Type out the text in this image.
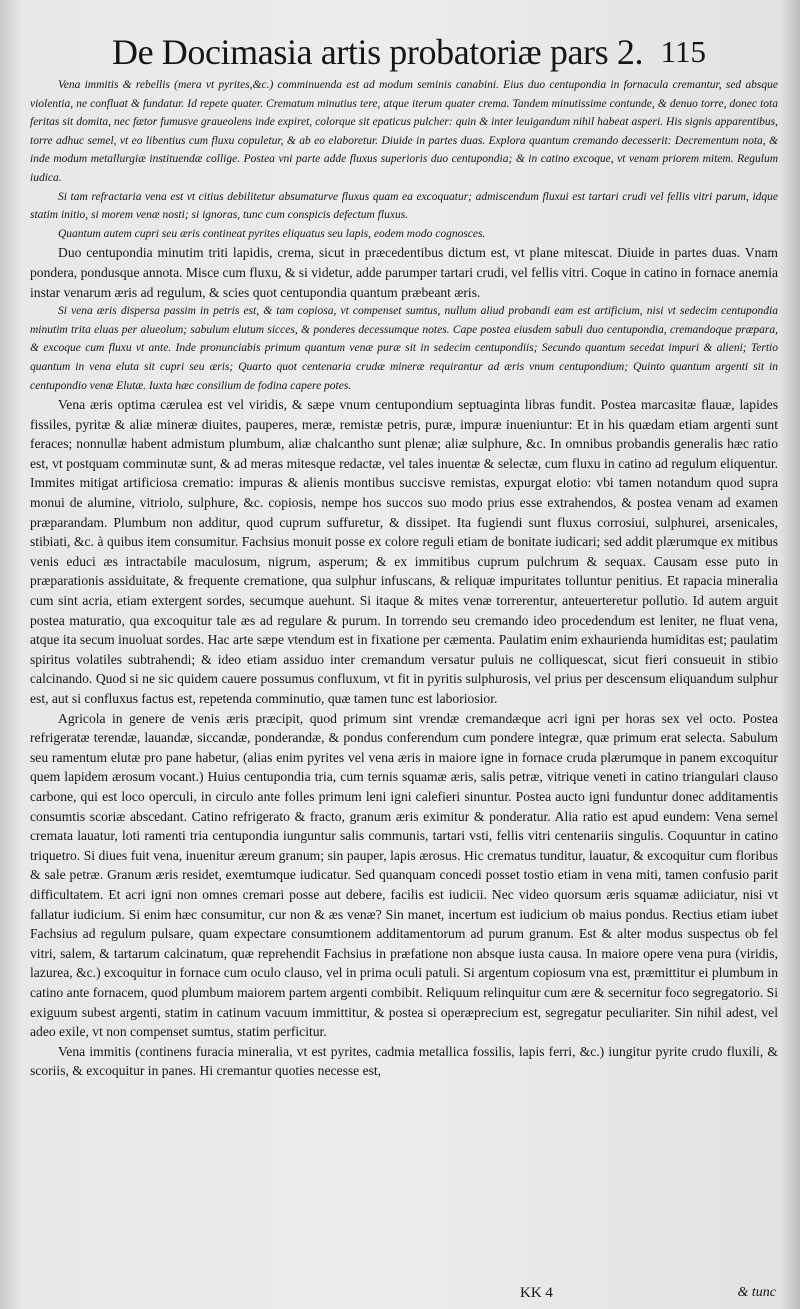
De Docimasia artis probatoriæ pars 2. 115

Vena immitis & rebellis (mera vt pyrites,&c.) comminuenda est ad modum seminis canabini. Eius duo centupondia in fornacula cremantur, sed absque violentia, ne confluat & fundatur. Id repete quater. Crematum minutius tere, atque iterum quater crema. Tandem minutissime contunde, & denuo torre, donec tota feritas sit domita, nec fætor fumusve graueolens inde expiret, colorque sit epaticus pulcher: quin & inter leuigandum nihil habeat asperi. His signis apparentibus, torre adhuc semel, vt eo libentius cum fluxu copuletur, & ab eo elaboretur. Diuide in partes duas. Explora quantum cremando decesserit: Decrementum nota, & inde modum metallurgiæ instituendæ collige. Postea vni parte adde fluxus superioris duo centupondia; & in catino excoque, vt venam priorem mitem. Regulum iudica.

Si tam refractaria vena est vt citius debilitetur absumaturve fluxus quam ea excoquatur; admiscendum fluxui est tartari crudi vel fellis vitri parum, idque statim initio, si morem venæ nosti; si ignoras, tunc cum conspicis defectum fluxus.

Quantum autem cupri seu æris contineat pyrites eliquatus seu lapis, eodem modo cognosces.

Duo centupondia minutim triti lapidis, crema, sicut in præcedentibus dictum est, vt plane mitescat. Diuide in partes duas. Vnam pondera, pondusque annota. Misce cum fluxu, & si videtur, adde parumper tartari crudi, vel fellis vitri. Coque in catino in fornace anemia instar venarum æris ad regulum, & scies quot centupondia quantum præbeant æris.

Si vena æris dispersa passim in petris est, & tam copiosa, vt compenset sumtus, nullum aliud probandi eam est artificium, nisi vt sedecim centupondia minutim trita eluas per alueolum; sabulum elutum sicces, & ponderes decessumque notes. Cape postea eiusdem sabuli duo centupondia, cremandoque præpara, & excoque cum fluxu vt ante. Inde pronunciabis primum quantum venæ puræ sit in sedecim centupondiis; Secundo quantum secedat impuri & alieni; Tertio quantum in vena eluta sit cupri seu æris; Quarto quot centenaria crudæ mineræ requirantur ad æris vnum centupondium; Quinto quantum argenti sit in centupondio venæ Elutæ. Iuxta hæc consilium de fodina capere potes.

Vena æris optima cærulea est vel viridis, & sæpe vnum centupondium septuaginta libras fundit. Postea marcasitæ flauæ, lapides fissiles, pyritæ & aliæ mineræ diuites, pauperes, meræ, remistæ petris, puræ, impuræ inueniuntur: Et in his quædam etiam argenti sunt feraces; nonnullæ habent admistum plumbum, aliæ chalcantho sunt plenæ; aliæ sulphure, &c. In omnibus probandis generalis hæc ratio est, vt postquam comminutæ sunt, & ad meras mitesque redactæ, vel tales inuentæ & selectæ, cum fluxu in catino ad regulum eliquentur. Immites mitigat artificiosa crematio: impuras & alienis montibus succisve remistas, expurgat elotio: vbi tamen notandum quod supra monui de alumine, vitriolo, sulphure, &c. copiosis, nempe hos succos suo modo prius esse extrahendos, & postea venam ad examen præparandam. Plumbum non additur, quod cuprum suffuretur, & dissipet. Ita fugiendi sunt fluxus corrosiui, sulphurei, arsenicales, stibiati, &c. à quibus item consumitur. Fachsius monuit posse ex colore reguli etiam de bonitate iudicari; sed addit plærumque ex mitibus venis educi æs intractabile maculosum, nigrum, asperum; & ex immitibus cuprum pulchrum & sequax. Causam esse puto in præparationis assiduitate, & frequente crematione, qua sulphur infuscans, & reliquæ impuritates tolluntur penitius. Et rapacia mineralia cum sint acria, etiam extergent sordes, secumque auehunt. Si itaque & mites venæ torrerentur, anteuerteretur pollutio. Id autem arguit postea maturatio, qua excoquitur tale æs ad regulare & purum. In torrendo seu cremando ideo procedendum est leniter, ne fluat vena, atque ita secum inuoluat sordes. Hac arte sæpe vtendum est in fixatione per cæmenta. Paulatim enim exhaurienda humiditas est; paulatim spiritus volatiles subtrahendi; & ideo etiam assiduo inter cremandum versatur puluis ne colliquescat, sicut fieri consueuit in stibio calcinando. Quod si ne sic quidem cauere possumus confluxum, vt fit in pyritis sulphurosis, vel prius per descensum eliquandum sulphur est, aut si confluxus factus est, repetenda comminutio, quæ tamen tunc est laboriosior.

Agricola in genere de venis æris præcipit, quod primum sint vrendæ cremandæque acri igni per horas sex vel octo. Postea refrigeratæ terendæ, lauandæ, siccandæ, ponderandæ, & pondus conferendum cum pondere integræ, quæ primum erat selecta. Sabulum seu ramentum elutæ pro pane habetur, (alias enim pyrites vel vena æris in maiore igne in fornace cruda plærumque in panem excoquitur quem lapidem ærosum vocant.) Huius centupondia tria, cum ternis squamæ æris, salis petræ, vitrique veneti in catino triangulari clauso carbone, qui est loco operculi, in circulo ante folles primum leni igni calefieri sinuntur. Postea aucto igni funduntur donec additamentis consumtis scoriæ abscedant. Catino refrigerato & fracto, granum æris eximitur & ponderatur. Alia ratio est apud eundem: Vena semel cremata lauatur, loti ramenti tria centupondia iunguntur salis communis, tartari vsti, fellis vitri centenariis singulis. Coquuntur in catino triquetro. Si diues fuit vena, inuenitur æreum granum; sin pauper, lapis ærosus. Hic crematus tunditur, lauatur, & excoquitur cum floribus & sale petræ. Granum æris residet, exemtumque iudicatur. Sed quanquam concedi posset tostio etiam in vena miti, tamen confusio parit difficultatem. Et acri igni non omnes cremari posse aut debere, facilis est iudicii. Nec video quorsum æris squamæ adiiciatur, nisi vt fallatur iudicium. Si enim hæc consumitur, cur non & æs venæ? Sin manet, incertum est iudicium ob maius pondus. Rectius etiam iubet Fachsius ad regulum pulsare, quam expectare consumtionem additamentorum ad purum granum. Est & alter modus suspectus ob fel vitri, salem, & tartarum calcinatum, quæ reprehendit Fachsius in præfatione non absque iusta causa. In maiore opere vena pura (viridis, lazurea, &c.) excoquitur in fornace cum oculo clauso, vel in prima oculi patuli. Si argentum copiosum vna est, præmittitur ei plumbum in catino ante fornacem, quod plumbum maiorem partem argenti combibit. Reliquum relinquitur cum ære & secernitur foco segregatorio. Si exiguum subest argenti, statim in catinum vacuum immittitur, & postea si operæprecium est, segregatur peculiariter. Sin nihil adest, vel adeo exile, vt non compenset sumtus, statim perficitur.

Vena immitis (continens furacia mineralia, vt est pyrites, cadmia metallica fossilis, lapis ferri, &c.) iungitur pyrite crudo fluxili, & scoriis, & excoquitur in panes. Hi cremantur quoties necesse est,

KK 4	& tunc
